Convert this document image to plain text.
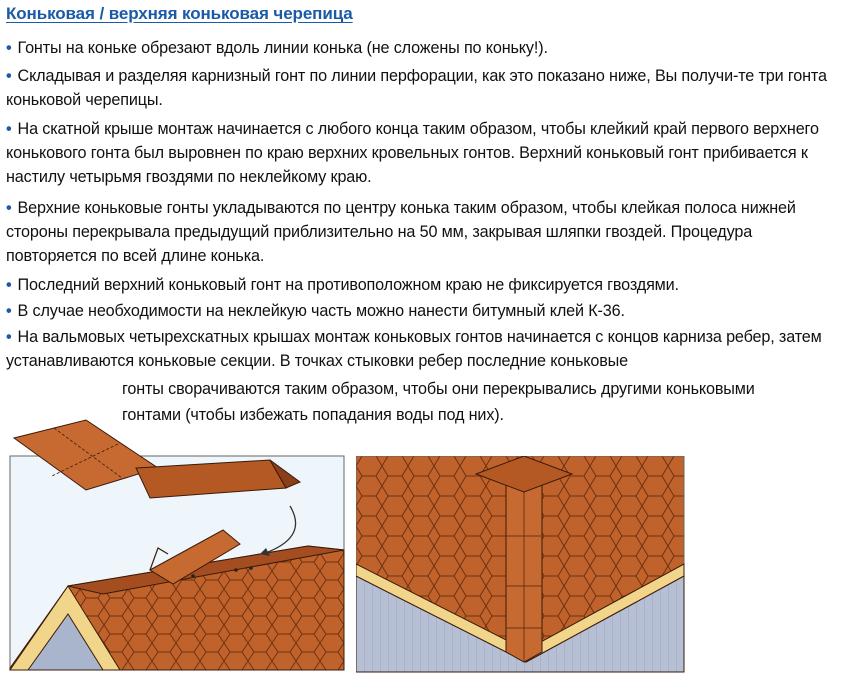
Коньковая / верхняя коньковая черепица

• Гонты на коньке обрезают вдоль линии конька (не сложены по коньку!).

• Складывая и разделяя карнизный гонт по линии перфорации, как это показано ниже, Вы получи-те три гонта коньковой черепицы.

• На скатной крыше монтаж начинается с любого конца таким образом, чтобы клейкий край первого верхнего конькового гонта был выровнен по краю верхних кровельных гонтов. Верхний коньковый гонт прибивается к настилу четырьмя гвоздями по неклейкому краю.

• Верхние коньковые гонты укладываются по центру конька таким образом, чтобы клейкая полоса нижней стороны перекрывала предыдущий приблизительно на 50 мм, закрывая шляпки гвоздей. Процедура повторяется по всей длине конька.

• Последний верхний коньковый гонт на противоположном краю не фиксируется гвоздями.

• В случае необходимости на неклейкую часть можно нанести битумный клей К-36.

• На вальмовых четырехскатных крышах монтаж коньковых гонтов начинается с концов карниза ребер, затем устанавливаются коньковые секции. В точках стыковки ребер последние коньковые

гонты сворачиваются таким образом, чтобы они перекрывались другими коньковыми

гонтами (чтобы избежать попадания воды под них).
